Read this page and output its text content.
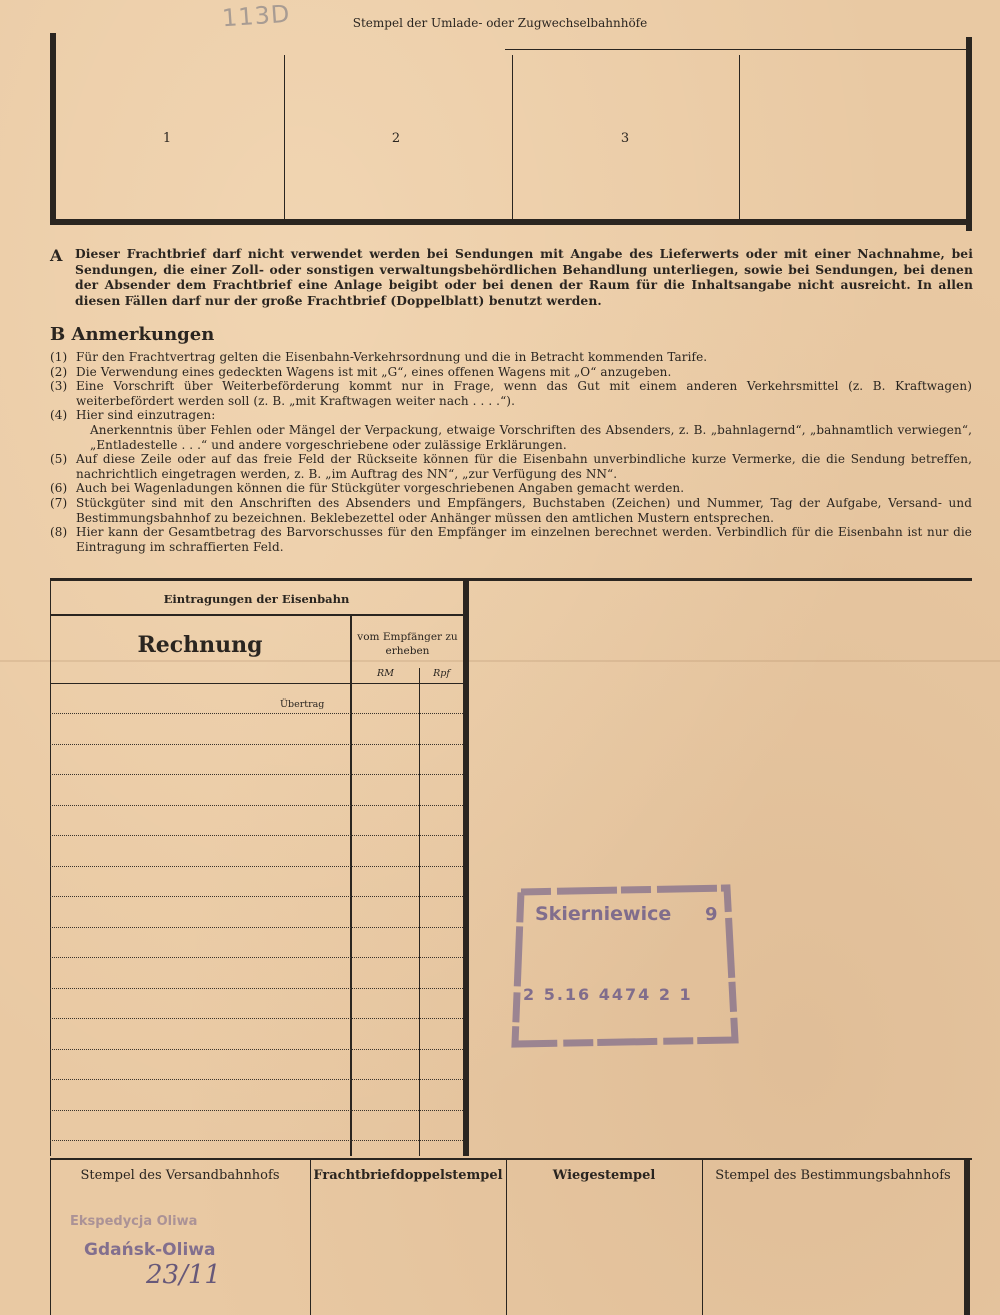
113D	Stempel der Umlade- oder Zugwechselbahnhöfe
1	2	3
A Dieser Frachtbrief darf nicht verwendet werden bei Sendungen mit Angabe des Lieferwerts oder mit einer Nachnahme, bei Sendungen, die einer Zoll- oder sonstigen verwaltungsbehördlichen Behandlung unterliegen, sowie bei Sendungen, bei denen der Absender dem Frachtbrief eine Anlage beigibt oder bei denen der Raum für die Inhaltsangabe nicht ausreicht. In allen diesen Fällen darf nur der große Frachtbrief (Doppelblatt) benutzt werden.
B Anmerkungen
(1) Für den Frachtvertrag gelten die Eisenbahn-Verkehrsordnung und die in Betracht kommenden Tarife.
(2) Die Verwendung eines gedeckten Wagens ist mit „G“, eines offenen Wagens mit „O“ anzugeben.
(3) Eine Vorschrift über Weiterbeförderung kommt nur in Frage, wenn das Gut mit einem anderen Verkehrsmittel (z. B. Kraftwagen) weiterbefördert werden soll (z. B. „mit Kraftwagen weiter nach . . . .“).
(4) Hier sind einzutragen:
Anerkenntnis über Fehlen oder Mängel der Verpackung, etwaige Vorschriften des Absenders, z. B. „bahnlagernd“, „bahnamtlich verwiegen“, „Entladestelle . . .“ und andere vorgeschriebene oder zulässige Erklärungen.
(5) Auf diese Zeile oder auf das freie Feld der Rückseite können für die Eisenbahn unverbindliche kurze Vermerke, die die Sendung betreffen, nachrichtlich eingetragen werden, z. B. „im Auftrag des NN“, „zur Verfügung des NN“.
(6) Auch bei Wagenladungen können die für Stückgüter vorgeschriebenen Angaben gemacht werden.
(7) Stückgüter sind mit den Anschriften des Absenders und Empfängers, Buchstaben (Zeichen) und Nummer, Tag der Aufgabe, Versand- und Bestimmungsbahnhof zu bezeichnen. Beklebezettel oder Anhänger müssen den amtlichen Mustern entsprechen.
(8) Hier kann der Gesamtbetrag des Barvorschusses für den Empfänger im einzelnen berechnet werden. Verbindlich für die Eisenbahn ist nur die Eintragung im schraffierten Feld.
Eintragungen der Eisenbahn
Rechnung	vom Empfänger zu erheben
RM	Rpf
Übertrag
Skierniewice 9
2 5.16 4474 2 1
Stempel des Versandbahnhofs	Frachtbriefdoppelstempel	Wiegestempel	Stempel des Bestimmungsbahnhofs
Ekspedycja Oliwa
Gdańsk-Oliwa
23/11
